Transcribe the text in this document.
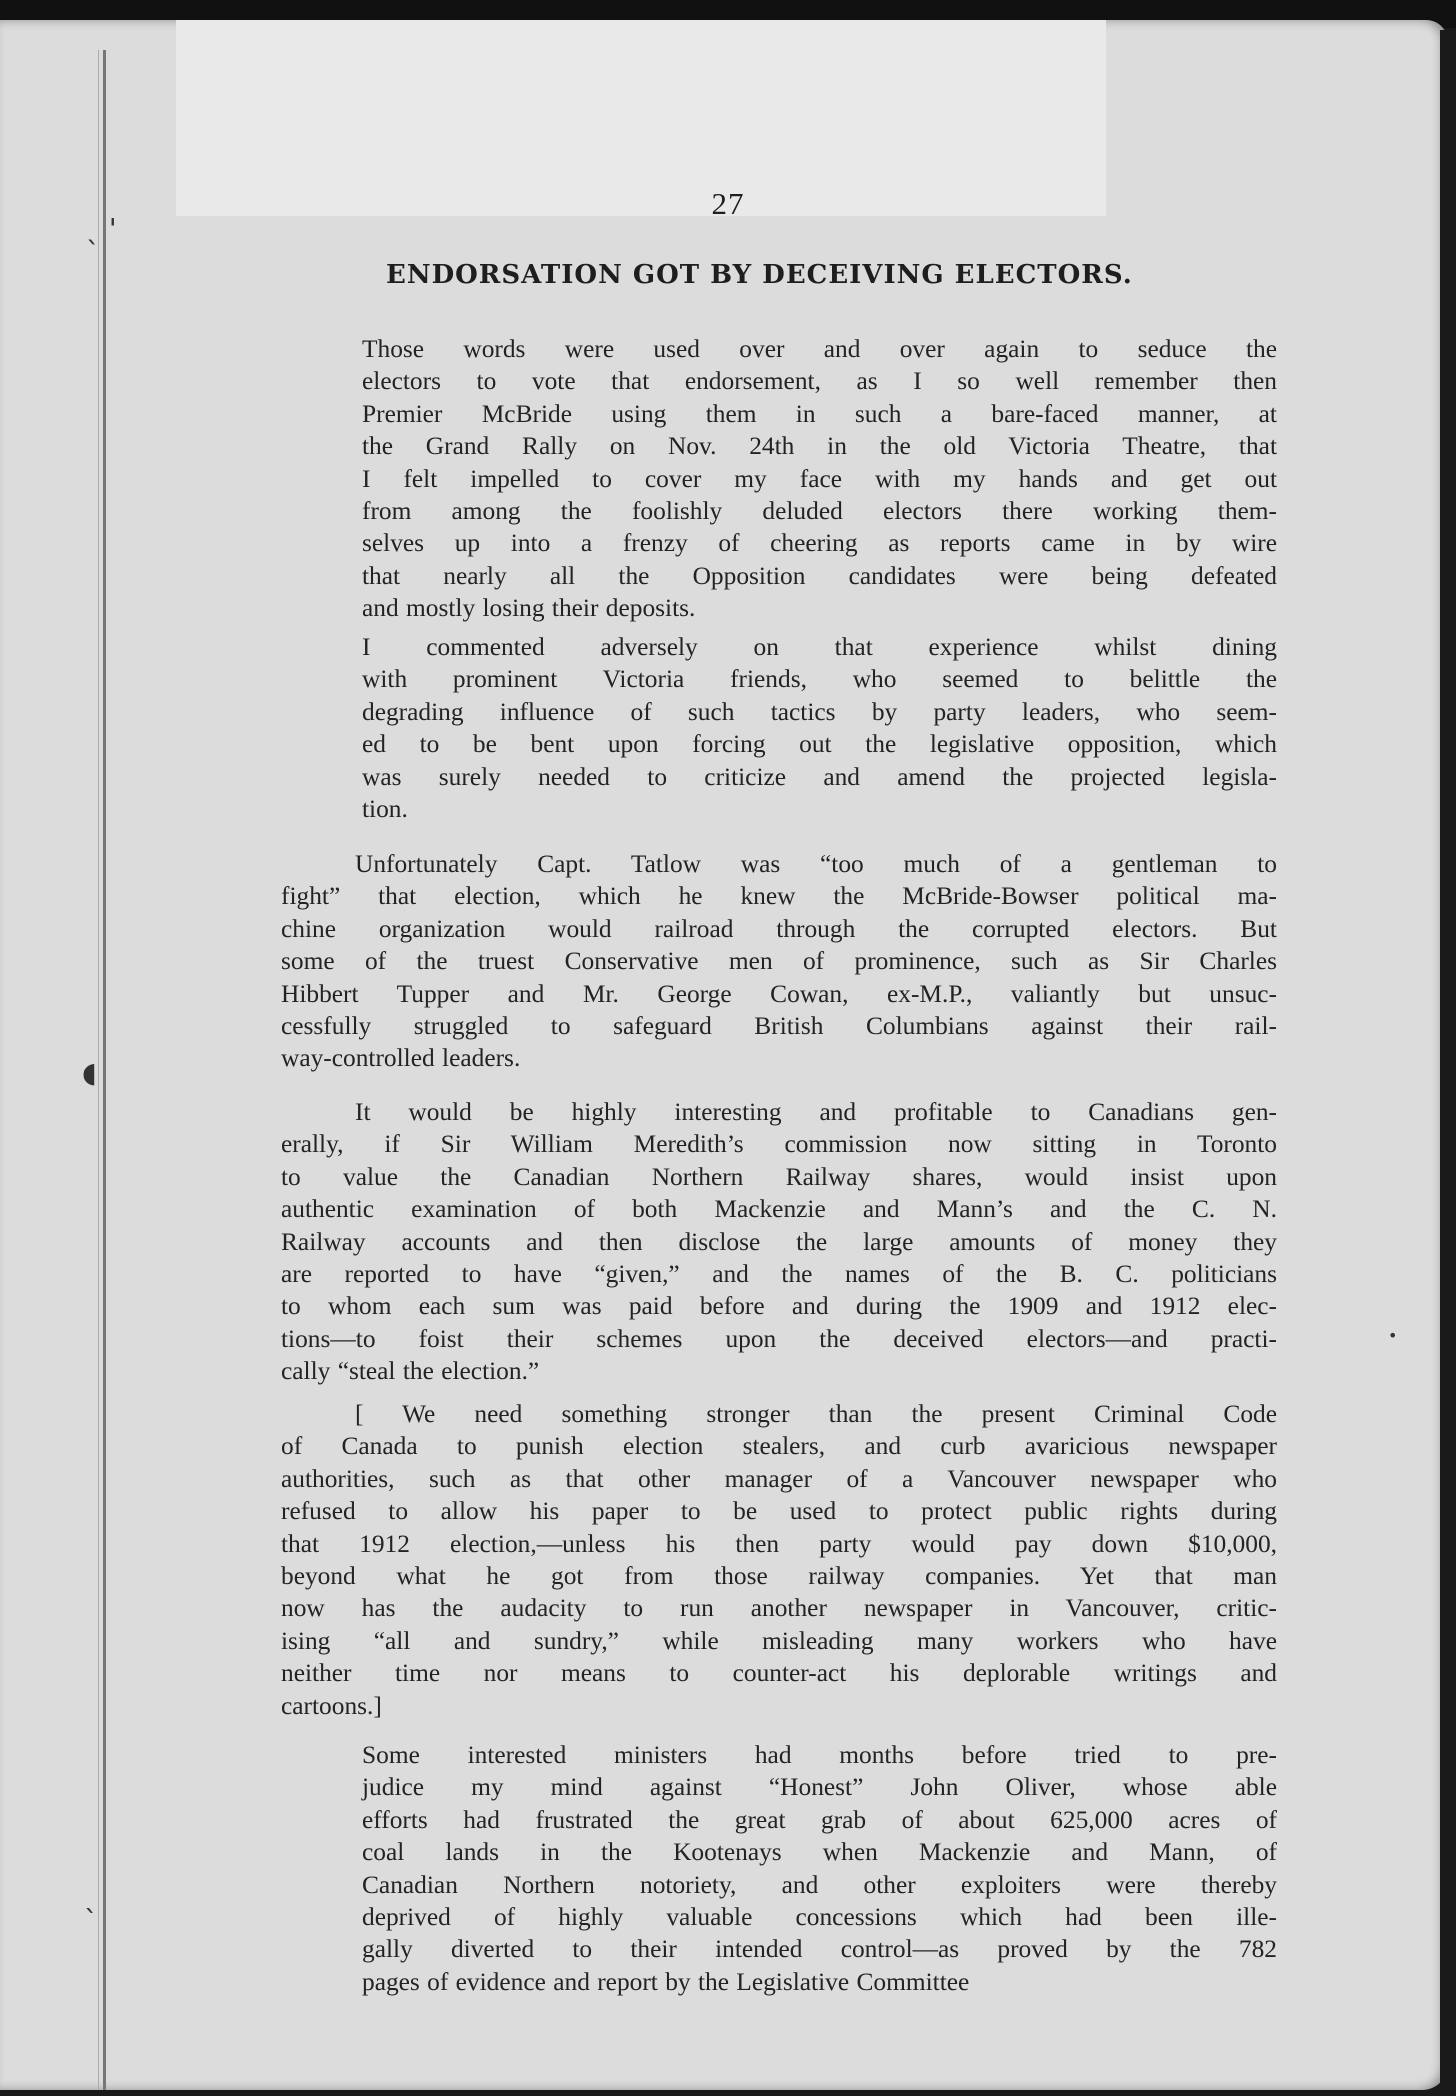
ˎ ꞌ
◖
ˋ
•
27
ENDORSATION GOT BY DECEIVING ELECTORS.
Those words were used over and over again to seduce the
electors to vote that endorsement, as I so well remember then
Premier McBride using them in such a bare-faced manner, at
the Grand Rally on Nov. 24th in the old Victoria Theatre, that
I felt impelled to cover my face with my hands and get out
from among the foolishly deluded electors there working them-
selves up into a frenzy of cheering as reports came in by wire
that nearly all the Opposition candidates were being defeated
and mostly losing their deposits.
I commented adversely on that experience whilst dining
with prominent Victoria friends, who seemed to belittle the
degrading influence of such tactics by party leaders, who seem-
ed to be bent upon forcing out the legislative opposition, which
was surely needed to criticize and amend the projected legisla-
tion.
Unfortunately Capt. Tatlow was “too much of a gentleman to
fight” that election, which he knew the McBride-Bowser political ma-
chine organization would railroad through the corrupted electors. But
some of the truest Conservative men of prominence, such as Sir Charles
Hibbert Tupper and Mr. George Cowan, ex-M.P., valiantly but unsuc-
cessfully struggled to safeguard British Columbians against their rail-
way-controlled leaders.
It would be highly interesting and profitable to Canadians gen-
erally, if Sir William Meredith’s commission now sitting in Toronto
to value the Canadian Northern Railway shares, would insist upon
authentic examination of both Mackenzie and Mann’s and the C. N.
Railway accounts and then disclose the large amounts of money they
are reported to have “given,” and the names of the B. C. politicians
to whom each sum was paid before and during the 1909 and 1912 elec-
tions—to foist their schemes upon the deceived electors—and practi-
cally “steal the election.”
[ We need something stronger than the present Criminal Code
of Canada to punish election stealers, and curb avaricious newspaper
authorities, such as that other manager of a Vancouver newspaper who
refused to allow his paper to be used to protect public rights during
that 1912 election,—unless his then party would pay down $10,000,
beyond what he got from those railway companies. Yet that man
now has the audacity to run another newspaper in Vancouver, critic-
ising “all and sundry,” while misleading many workers who have
neither time nor means to counter-act his deplorable writings and
cartoons.]
Some interested ministers had months before tried to pre-
judice my mind against “Honest” John Oliver, whose able
efforts had frustrated the great grab of about 625,000 acres of
coal lands in the Kootenays when Mackenzie and Mann, of
Canadian Northern notoriety, and other exploiters were thereby
deprived of highly valuable concessions which had been ille-
gally diverted to their intended control—as proved by the 782
pages of evidence and report by the Legislative Committee
